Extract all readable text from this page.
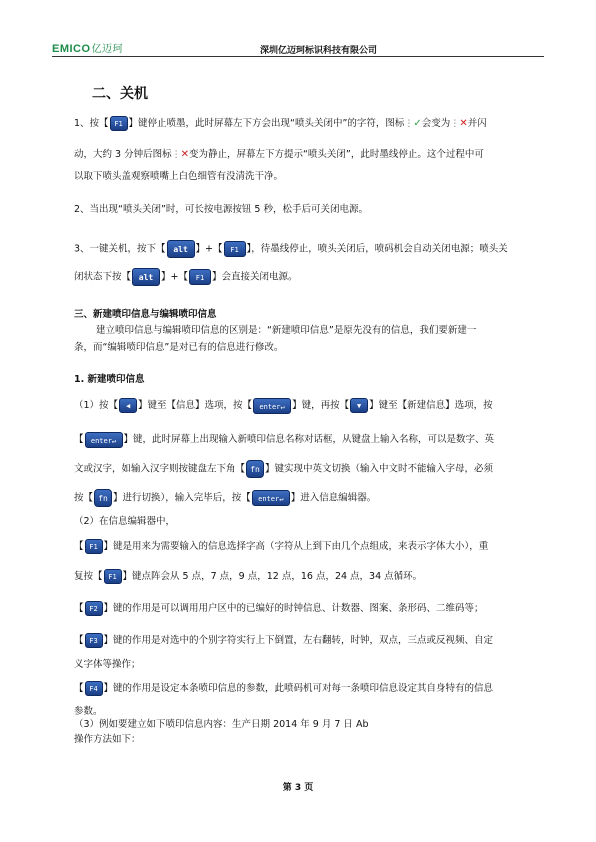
EMICO亿迈珂	深圳亿迈珂标识科技有限公司
二、关机
1、按【 F1 】键停止喷墨，此时屏幕左下方会出现“喷头关闭中”的字符，图标⋮✓会变为⋮✕并闪
动，大约 3 分钟后图标⋮✕变为静止，屏幕左下方提示“喷头关闭”，此时墨线停止。这个过程中可
以取下喷头盖观察喷嘴上白色细管有没清洗干净。
2、当出现“喷头关闭”时，可长按电源按钮 5 秒，松手后可关闭电源。
3、一键关机，按下【 alt 】+【 F1 】，待墨线停止，喷头关闭后，喷码机会自动关闭电源；喷头关
闭状态下按【 alt 】+【 F1 】会直接关闭电源。
三、新建喷印信息与编辑喷印信息
建立喷印信息与编辑喷印信息的区别是：“新建喷印信息”是原先没有的信息，我们要新建一
条，而“编辑喷印信息”是对已有的信息进行修改。
1. 新建喷印信息
（1）按【 ◀ 】键至【信息】选项，按【 enter↵ 】键，再按【 ▼ 】键至【新建信息】选项，按
【 enter↵ 】键，此时屏幕上出现输入新喷印信息名称对话框，从键盘上输入名称，可以是数字、英
文或汉字，如输入汉字则按键盘左下角【 fn 】键实现中英文切换（输入中文时不能输入字母，必须
按【 fn 】进行切换），输入完毕后，按【 enter↵ 】进入信息编辑器。
（2）在信息编辑器中，
【 F1 】键是用来为需要输入的信息选择字高（字符从上到下由几个点组成，来表示字体大小），重
复按【 F1 】键点阵会从 5 点，7 点，9 点，12 点，16 点，24 点，34 点循环。
【 F2 】键的作用是可以调用用户区中的已编好的时钟信息、计数器、图案、条形码、二维码等；
【 F3 】键的作用是对选中的个别字符实行上下倒置，左右翻转，时钟，双点，三点或反视频、自定
义字体等操作；
【 F4 】键的作用是设定本条喷印信息的参数，此喷码机可对每一条喷印信息设定其自身特有的信息
参数。
（3）例如要建立如下喷印信息内容：生产日期 2014 年 9 月 7 日 Ab
操作方法如下：
第 3 页
